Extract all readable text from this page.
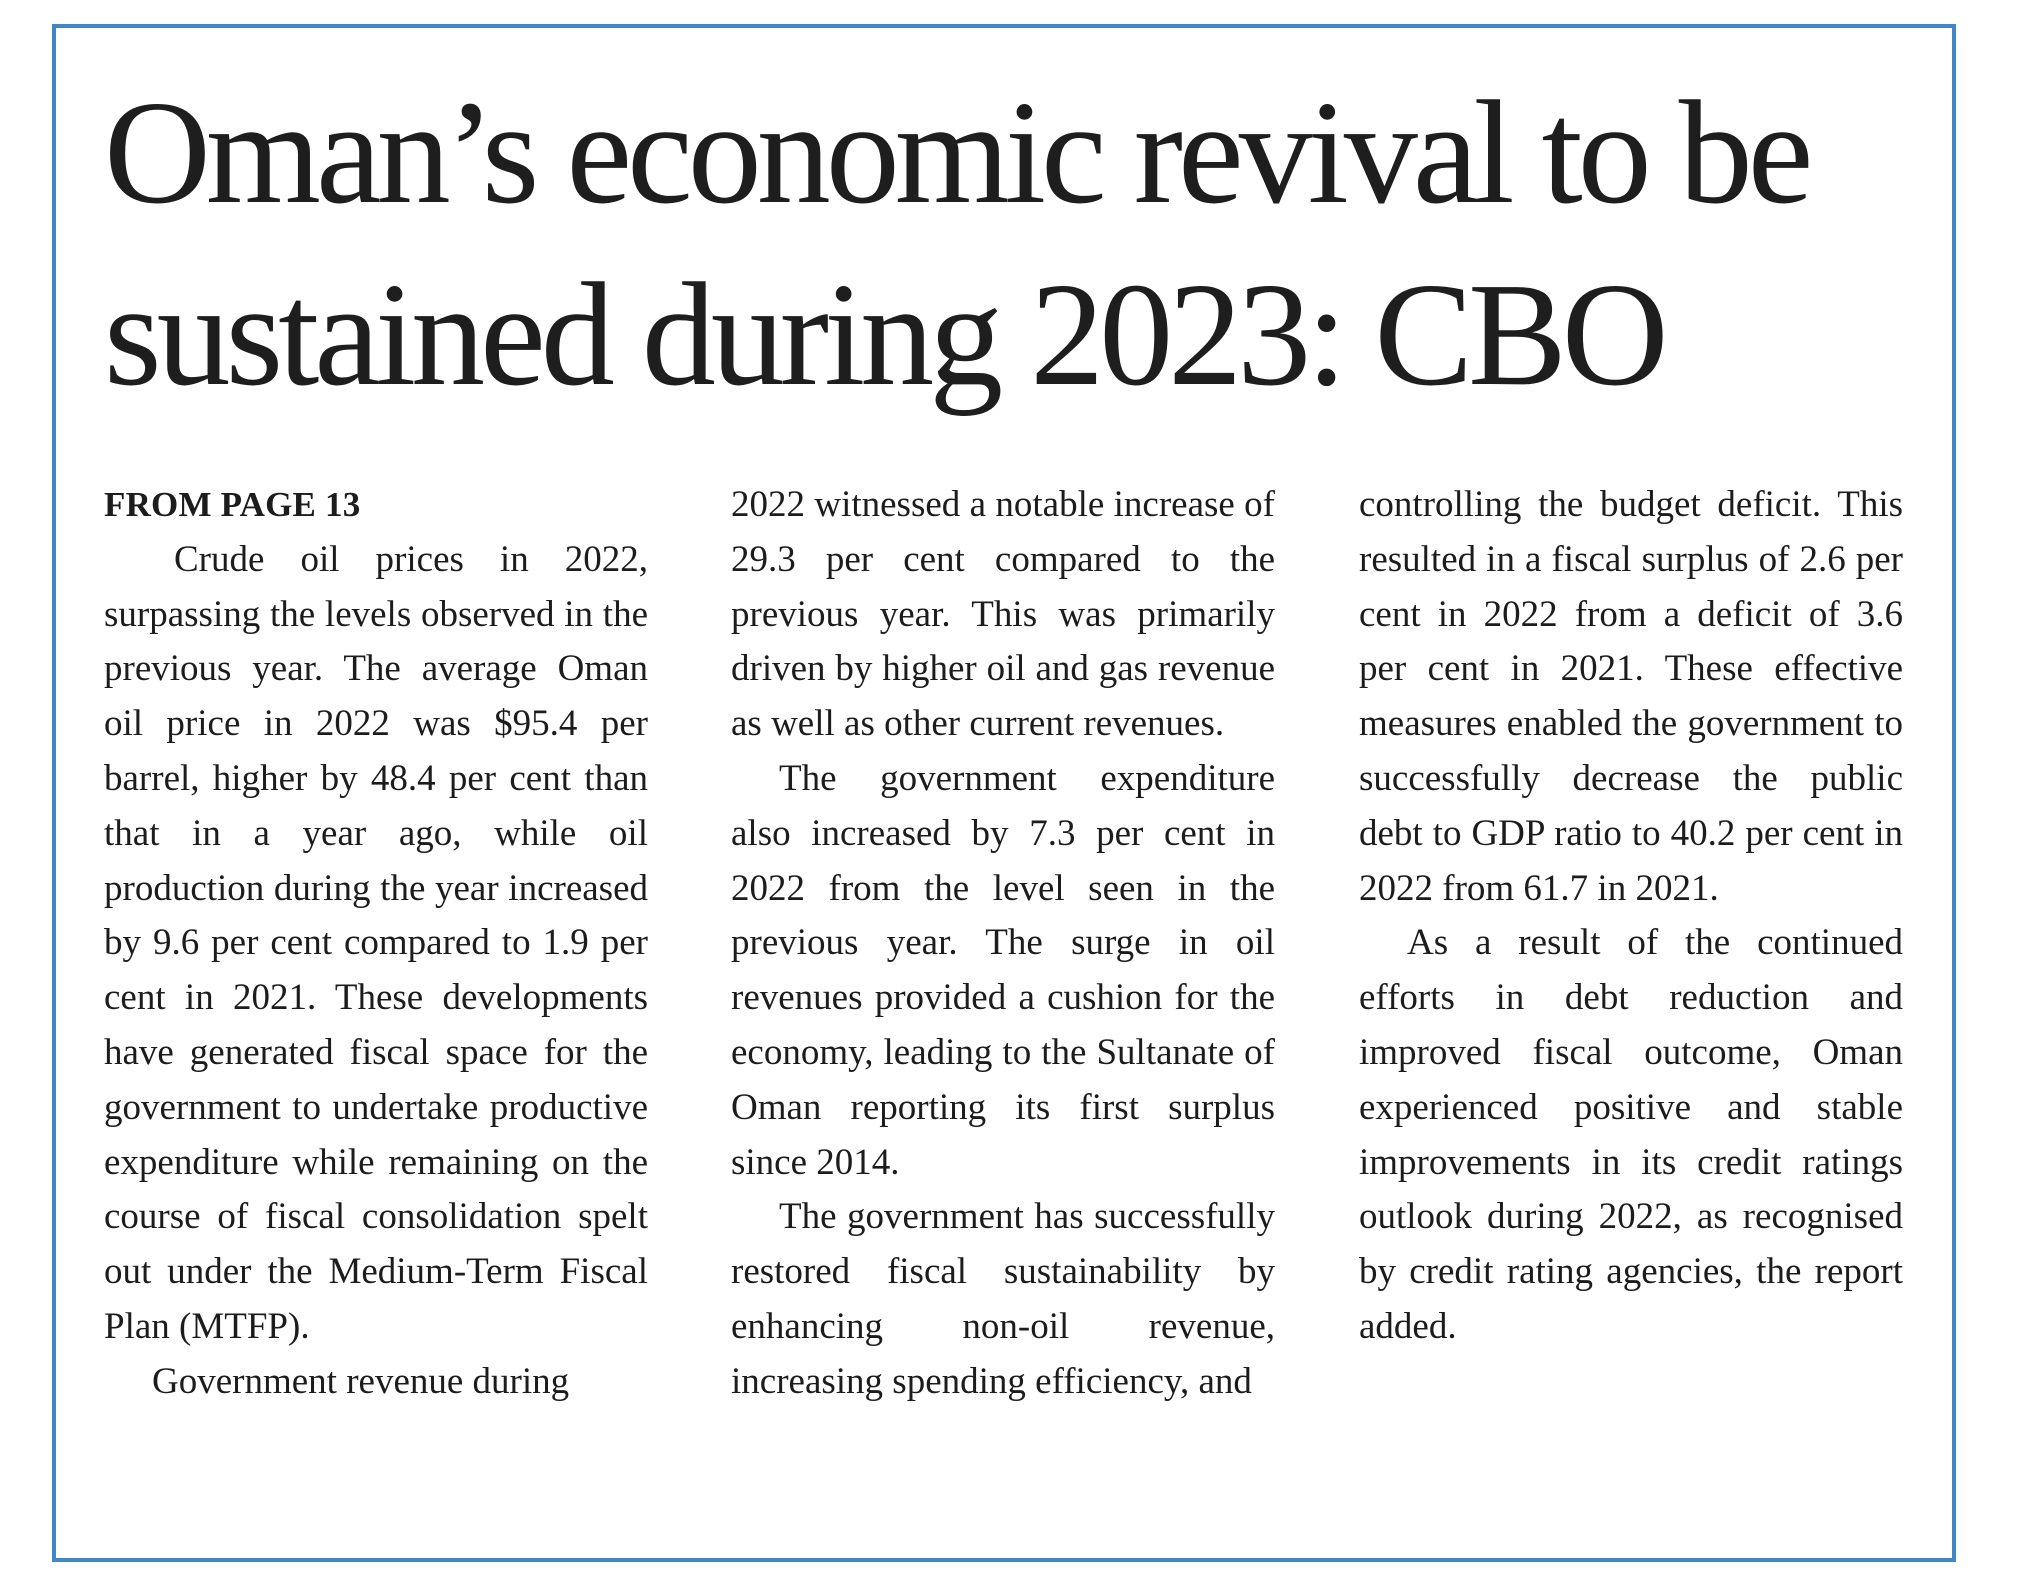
Oman’s economic revival to be
sustained during 2023: CBO

FROM PAGE 13

Crude oil prices in 2022, surpassing the levels observed in the previous year. The average Oman oil price in 2022 was $95.4 per barrel, higher by 48.4 per cent than that in a year ago, while oil production during the year increased by 9.6 per cent compared to 1.9 per cent in 2021. These developments have generated fiscal space for the government to undertake productive expenditure while remaining on the course of fiscal consolidation spelt out under the Medium-Term Fiscal Plan (MTFP).

Government revenue during

2022 witnessed a notable increase of 29.3 per cent compared to the previous year. This was primarily driven by higher oil and gas revenue as well as other current revenues.

The government expenditure also increased by 7.3 per cent in 2022 from the level seen in the previous year. The surge in oil revenues provided a cushion for the economy, leading to the Sultanate of Oman reporting its first surplus since 2014.

The government has successfully restored fiscal sustainability by enhancing non-oil revenue, increasing spending efficiency, and

controlling the budget deficit. This resulted in a fiscal surplus of 2.6 per cent in 2022 from a deficit of 3.6 per cent in 2021. These effective measures enabled the government to successfully decrease the public debt to GDP ratio to 40.2 per cent in 2022 from 61.7 in 2021.

As a result of the continued efforts in debt reduction and improved fiscal outcome, Oman experienced positive and stable improvements in its credit ratings outlook during 2022, as recognised by credit rating agencies, the report added.
